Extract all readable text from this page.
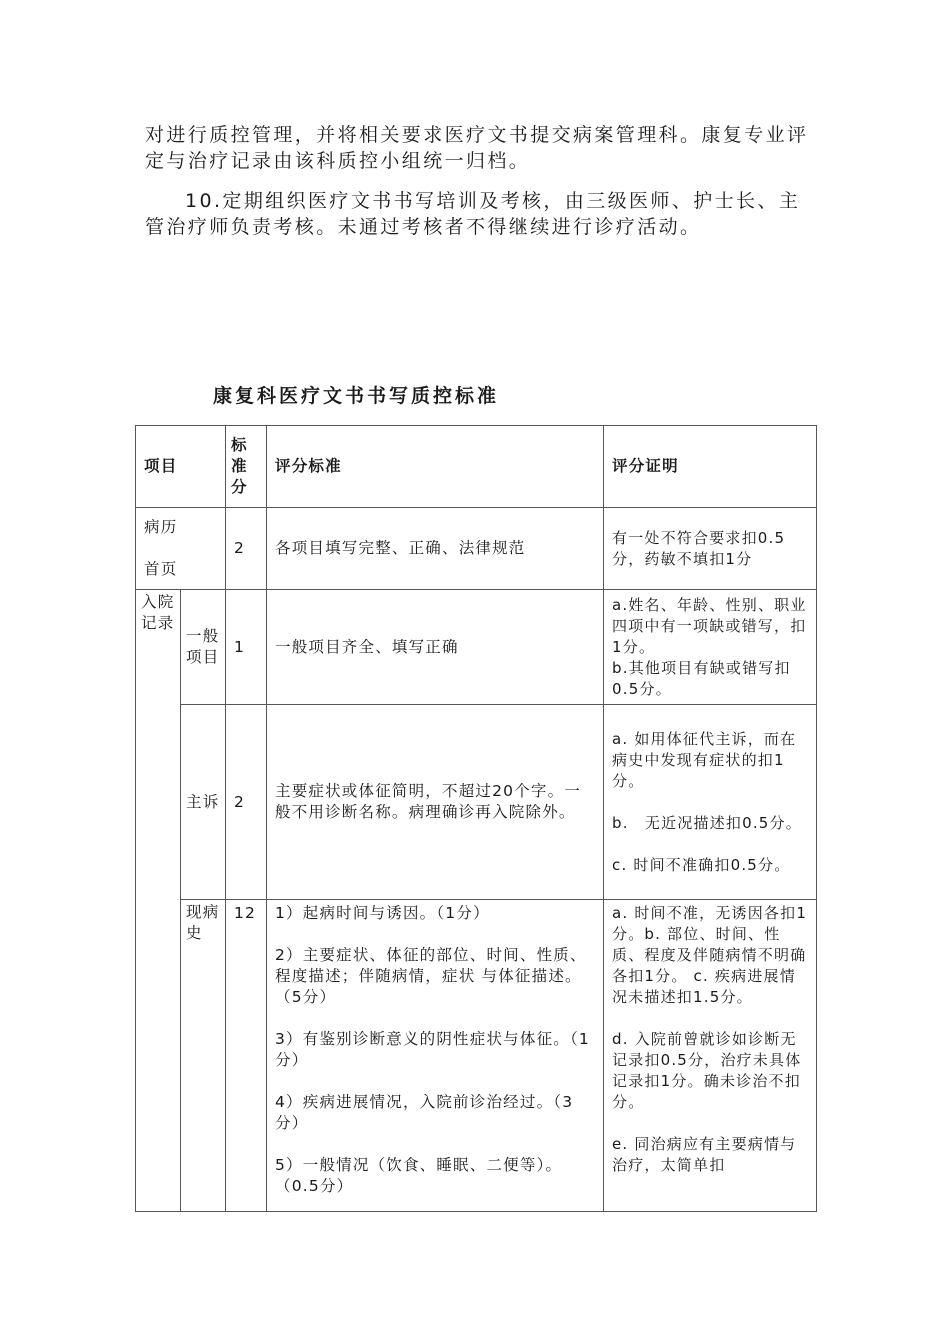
对进行质控管理，并将相关要求医疗文书提交病案管理科。康复专业评定与治疗记录由该科质控小组统一归档。

10.定期组织医疗文书书写培训及考核，由三级医师、护士长、主管治疗师负责考核。未通过考核者不得继续进行诊疗活动。

康复科医疗文书书写质控标准
项目		标准分	评分标准	评分证明
病历

首页		2	各项目填写完整、正确、法律规范	有一处不符合要求扣0.5分，药敏不填扣1分
入院记录	一般项目	1	一般项目齐全、填写正确	a.姓名、年龄、性别、职业四项中有一项缺或错写，扣1分。
b.其他项目有缺或错写扣0.5分。
	主诉	2	主要症状或体征简明，不超过20个字。一般不用诊断名称。病理确诊再入院除外。	a. 如用体征代主诉，而在病史中发现有症状的扣1分。
b.　无近况描述扣0.5分。
c. 时间不准确扣0.5分。
	现病史	12	1）起病时间与诱因。（1分）
2）主要症状、体征的部位、时间、性质、程度描述；伴随病情，症状 与体征描述。（5分）
3）有鉴别诊断意义的阴性症状与体征。（1分）
4）疾病进展情况，入院前诊治经过。（3分）
5）一般情况（饮食、睡眠、二便等）。（0.5分）	a. 时间不准，无诱因各扣1分。b. 部位、时间、性质、程度及伴随病情不明确各扣1分。 c. 疾病进展情况未描述扣1.5分。
d. 入院前曾就诊如诊断无记录扣0.5分，治疗未具体记录扣1分。确未诊治不扣分。
e. 同治病应有主要病情与治疗，太简单扣
